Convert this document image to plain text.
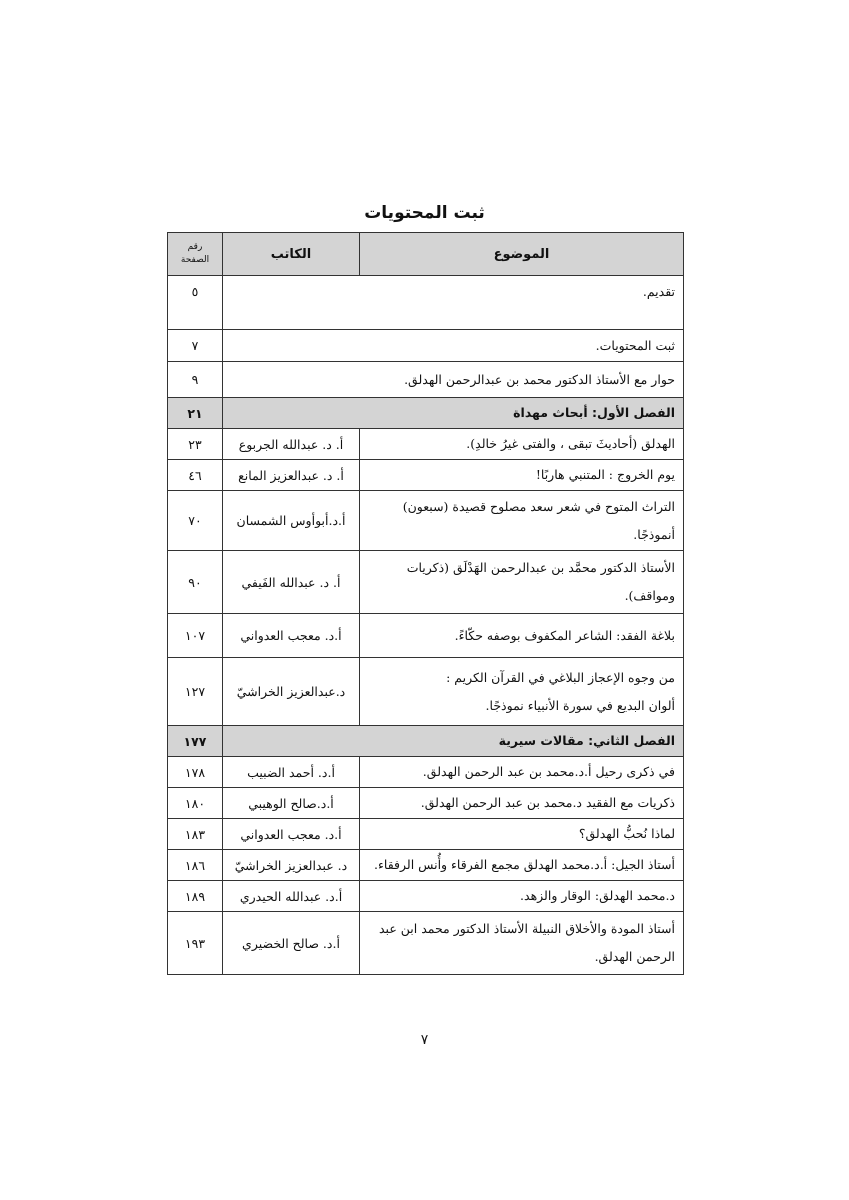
ثبت المحتويات
الموضوع	الكاتب	رقم
الصفحة

تقديم.		٥
ثبت المحتويات.		٧
حوار مع الأستاذ الدكتور محمد بن عبدالرحمن الهدلق.		٩
الفصل الأول: أبحاث مهداة		٢١
الهدلق (أحاديثَ تبقى ، والفتى غيرُ خالدِ).	أ. د. عبدالله الجربوع	٢٣
يوم الخروج : المتنبي هاربًا!	أ. د. عبدالعزيز المانع	٤٦
التراث المتوح في شعر سعد مصلوح قصيدة (سبعون) أنموذجًا.	أ.د.أبوأوس الشمسان	٧٠
الأستاذ الدكتور محمَّد بن عبدالرحمن الهَدْلَق (ذكريات ومواقف).	أ. د. عبدالله الفَيفي	٩٠
بلاغة الفقد: الشاعر المكفوف بوصفه حكّاءً.	أ.د. معجب العدواني	١٠٧

من وجوه الإعجاز البلاغي في القرآن الكريم :
ألوان البديع في سورة الأنبياء نموذجًا.	د.عبدالعزيز الخراشيّ	١٢٧
الفصل الثاني: مقالات سيرية		١٧٧
في ذكرى رحيل أ.د.محمد بن عبد الرحمن الهدلق.	أ.د. أحمد الضبيب	١٧٨
ذكريات مع الفقيد د.محمد بن عبد الرحمن الهدلق.	أ.د.صالح الوهيبي	١٨٠
لماذا نُحبُّ الهدلق؟	أ.د. معجب العدواني	١٨٣
أستاذ الجيل: أ.د.محمد الهدلق مجمع الفرقاء وأُنس الرفقاء.	د. عبدالعزيز الخراشيّ	١٨٦
د.محمد الهدلق: الوقار والزهد.	أ.د. عبدالله الحيدري	١٨٩
أستاذ المودة والأخلاق النبيلة الأستاذ الدكتور محمد ابن عبد الرحمن الهدلق.	أ.د. صالح الخضيري	١٩٣
٧
